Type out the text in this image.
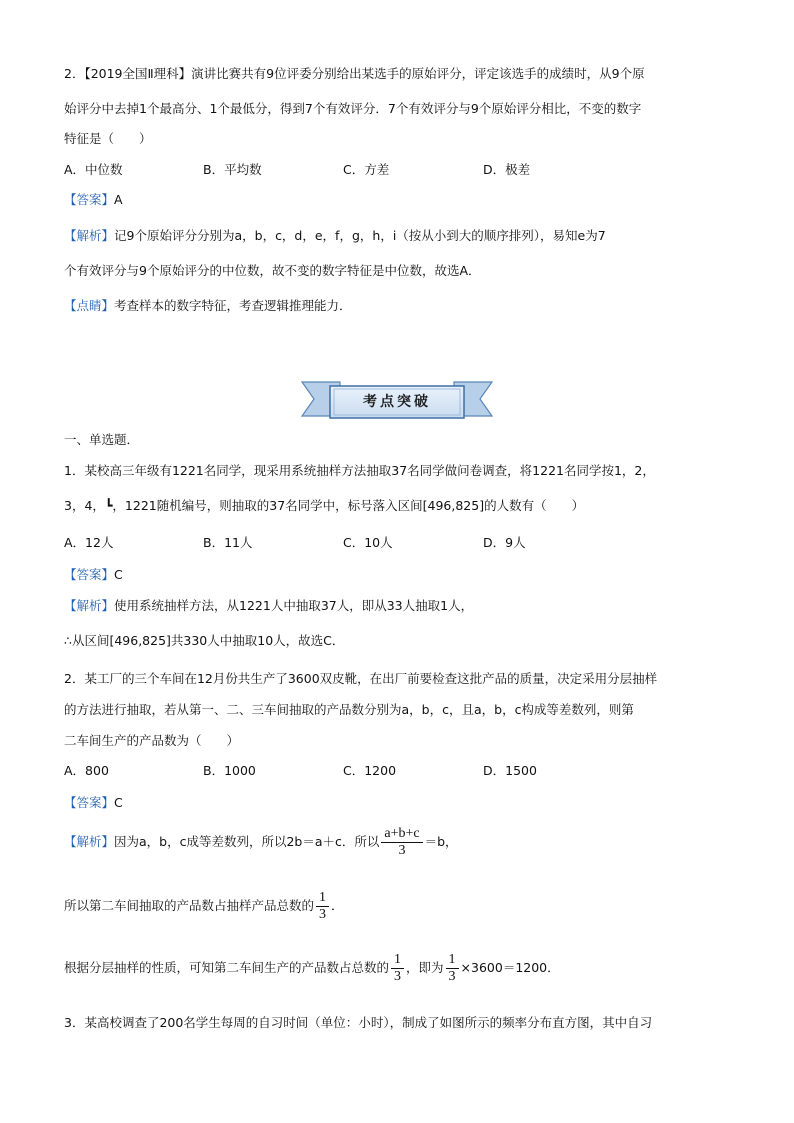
2．【2019全国Ⅱ理科】演讲比赛共有9位评委分别给出某选手的原始评分，评定该选手的成绩时，从9个原
始评分中去掉1个最高分、1个最低分，得到7个有效评分．7个有效评分与9个原始评分相比，不变的数字
特征是（　　）
A．中位数	B．平均数	C．方差	D．极差
【答案】A
【解析】记9个原始评分分别为a，b，c，d，e，f，g，h，i（按从小到大的顺序排列），易知e为7
个有效评分与9个原始评分的中位数，故不变的数字特征是中位数，故选A．
【点睛】考查样本的数字特征，考查逻辑推理能力．
考点突破
一、单选题．
1．某校高三年级有1221名同学，现采用系统抽样方法抽取37名同学做问卷调查，将1221名同学按1，2，
3，4，┗，1221随机编号，则抽取的37名同学中，标号落入区间[496,825]的人数有（　　）
A．12人	B．11人	C．10人	D．9人
【答案】C
【解析】使用系统抽样方法，从1221人中抽取37人，即从33人抽取1人，
∴从区间[496,825]共330人中抽取10人，故选C．
2．某工厂的三个车间在12月份共生产了3600双皮靴，在出厂前要检查这批产品的质量，决定采用分层抽样
的方法进行抽取，若从第一、二、三车间抽取的产品数分别为a，b，c，且a，b，c构成等差数列，则第
二车间生产的产品数为（　　）
A．800	B．1000	C．1200	D．1500
【答案】C
【解析】因为a，b，c成等差数列，所以2b＝a＋c．所以 $\frac{a+b+c}{3} =b$，
所以第二车间抽取的产品数占抽样产品总数的 $\frac{1}{3}$ ．
根据分层抽样的性质，可知第二车间生产的产品数占总数的 $\frac{1}{3}$ ，即为 $\frac{1}{3} \times 3600=1200$．
3．某高校调查了200名学生每周的自习时间（单位：小时），制成了如图所示的频率分布直方图，其中自习
